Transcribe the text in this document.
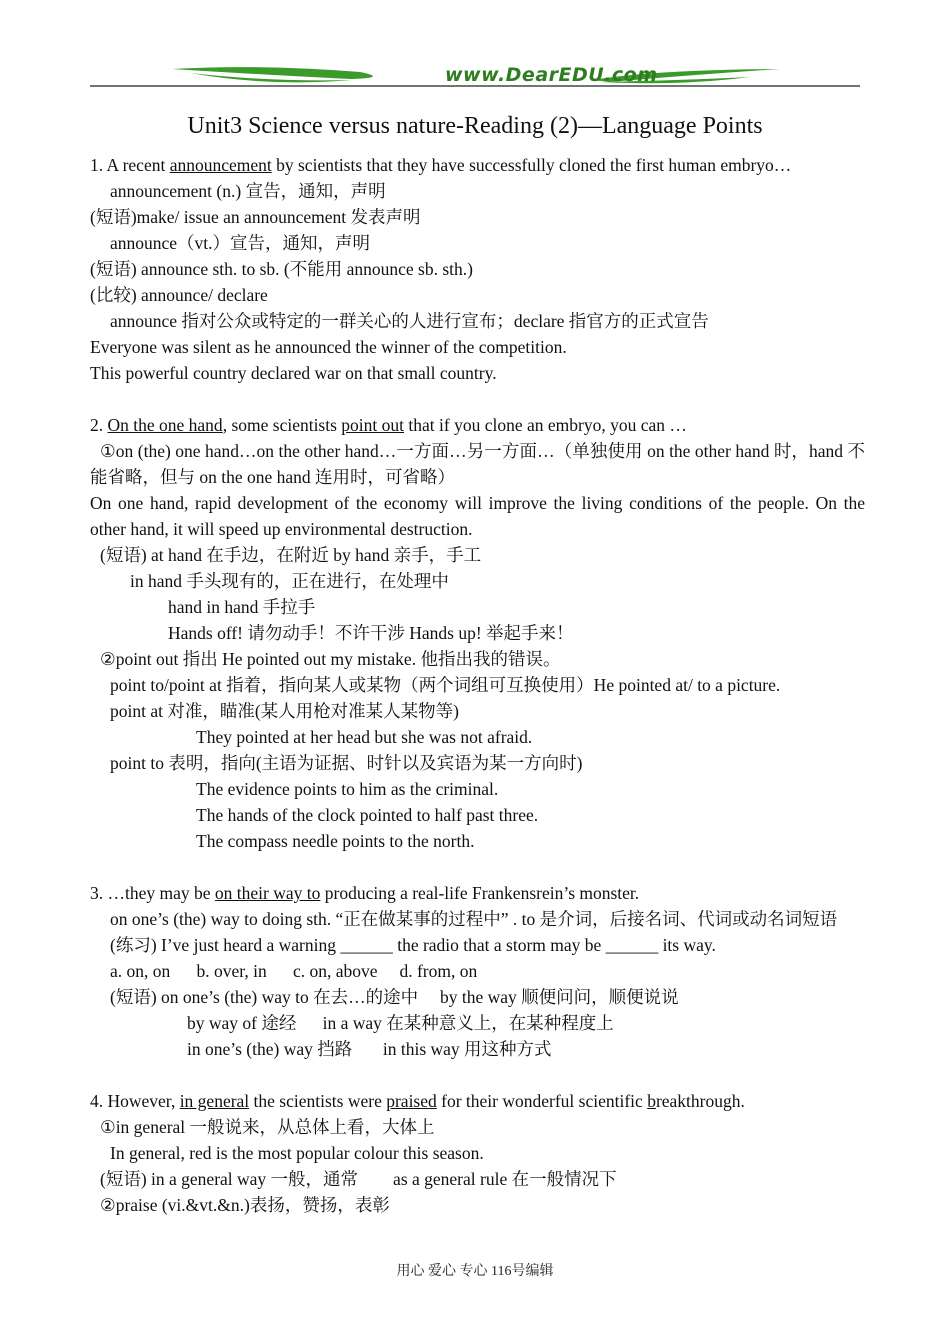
www.DearEDU.com
Unit3 Science versus nature-Reading (2)—Language Points
1. A recent announcement by scientists that they have successfully cloned the first human embryo…
announcement (n.) 宣告，通知，声明
(短语)make/ issue an announcement 发表声明
announce（vt.）宣告，通知，声明
(短语) announce sth. to sb. (不能用 announce sb. sth.)
(比较) announce/ declare
announce 指对公众或特定的一群关心的人进行宣布；declare 指官方的正式宣告
Everyone was silent as he announced the winner of the competition.
This powerful country declared war on that small country.
2. On the one hand, some scientists point out that if you clone an embryo, you can …
①on (the) one hand…on the other hand…一方面…另一方面…（单独使用 on the other hand 时，hand 不能省略，但与 on the one hand 连用时，可省略）
On one hand, rapid development of the economy will improve the living conditions of the people. On the other hand, it will speed up environmental destruction.
(短语) at hand 在手边，在附近 by hand 亲手，手工
in hand 手头现有的，正在进行，在处理中
hand in hand 手拉手
Hands off! 请勿动手！不许干涉 Hands up! 举起手来！
②point out 指出 He pointed out my mistake. 他指出我的错误。
point to/point at 指着，指向某人或某物（两个词组可互换使用）He pointed at/ to a picture.
point at 对准，瞄准(某人用枪对准某人某物等)
They pointed at her head but she was not afraid.
point to 表明，指向(主语为证据、时针以及宾语为某一方向时)
The evidence points to him as the criminal.
The hands of the clock pointed to half past three.
The compass needle points to the north.
3. …they may be on their way to producing a real-life Frankensrein’s monster.
on one’s (the) way to doing sth. “正在做某事的过程中” . to 是介词，后接名词、代词或动名词短语
(练习) I’ve just heard a warning ______ the radio that a storm may be ______ its way.
a. on, on      b. over, in      c. on, above     d. from, on
(短语) on one’s (the) way to 在去…的途中     by the way 顺便问问，顺便说说
by way of 途经      in a way 在某种意义上，在某种程度上
in one’s (the) way 挡路       in this way 用这种方式
4. However, in general the scientists were praised for their wonderful scientific breakthrough.
①in general 一般说来，从总体上看，大体上
In general, red is the most popular colour this season.
(短语) in a general way 一般，通常        as a general rule 在一般情况下
②praise (vi.&vt.&n.)表扬，赞扬，表彰
用心 爱心 专心 116号编辑
